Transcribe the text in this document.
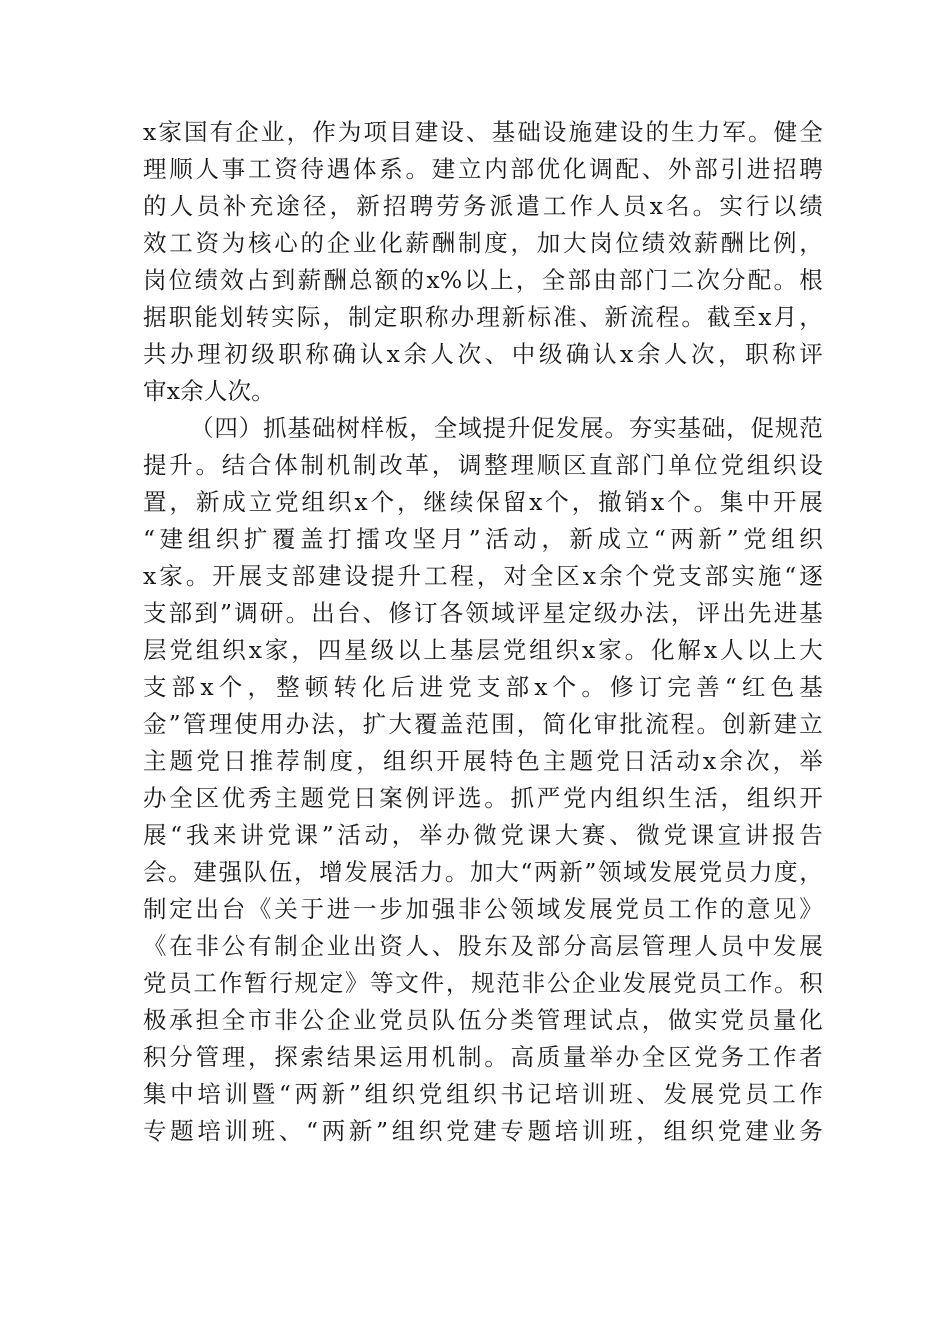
x家国有企业，作为项目建设、基础设施建设的生力军。健全
理顺人事工资待遇体系。建立内部优化调配、外部引进招聘
的人员补充途径，新招聘劳务派遣工作人员x名。实行以绩
效工资为核心的企业化薪酬制度，加大岗位绩效薪酬比例，
岗位绩效占到薪酬总额的x%以上，全部由部门二次分配。根
据职能划转实际，制定职称办理新标准、新流程。截至x月，
共办理初级职称确认x余人次、中级确认x余人次，职称评
审x余人次。
（四）抓基础树样板，全域提升促发展。夯实基础，促规范
提升。结合体制机制改革，调整理顺区直部门单位党组织设
置，新成立党组织x个，继续保留x个，撤销x个。集中开展
“建组织扩覆盖打擂攻坚月”活动，新成立“两新”党组织
x家。开展支部建设提升工程，对全区x余个党支部实施“逐
支部到”调研。出台、修订各领域评星定级办法，评出先进基
层党组织x家，四星级以上基层党组织x家。化解x人以上大
支部x个，整顿转化后进党支部x个。修订完善“红色基
金”管理使用办法，扩大覆盖范围，简化审批流程。创新建立
主题党日推荐制度，组织开展特色主题党日活动x余次，举
办全区优秀主题党日案例评选。抓严党内组织生活，组织开
展“我来讲党课”活动，举办微党课大赛、微党课宣讲报告
会。建强队伍，增发展活力。加大“两新”领域发展党员力度，
制定出台《关于进一步加强非公领域发展党员工作的意见》
《在非公有制企业出资人、股东及部分高层管理人员中发展
党员工作暂行规定》等文件，规范非公企业发展党员工作。积
极承担全市非公企业党员队伍分类管理试点，做实党员量化
积分管理，探索结果运用机制。高质量举办全区党务工作者
集中培训暨“两新”组织党组织书记培训班、发展党员工作
专题培训班、“两新”组织党建专题培训班，组织党建业务
